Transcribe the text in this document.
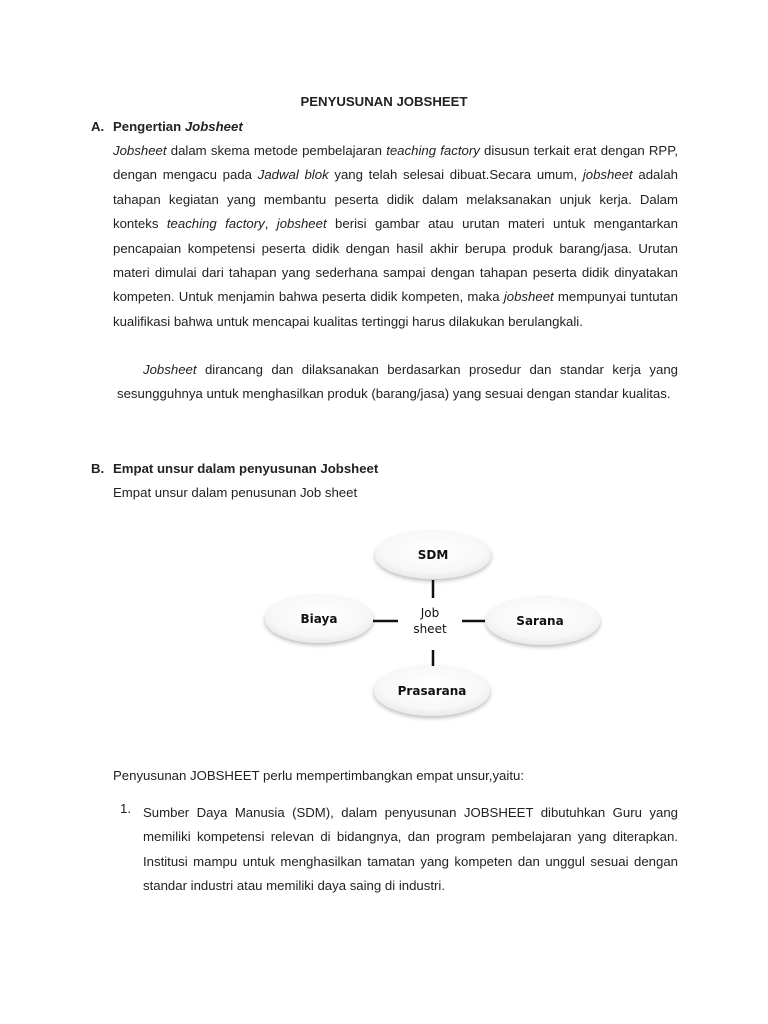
PENYUSUNAN JOBSHEET
A. Pengertian Jobsheet
Jobsheet dalam skema metode pembelajaran teaching factory disusun terkait erat dengan RPP, dengan mengacu pada Jadwal blok yang telah selesai dibuat.Secara umum, jobsheet adalah tahapan kegiatan yang membantu peserta didik dalam melaksanakan unjuk kerja. Dalam konteks teaching factory, jobsheet berisi gambar atau urutan materi untuk mengantarkan pencapaian kompetensi peserta didik dengan hasil akhir berupa produk barang/jasa. Urutan materi dimulai dari tahapan yang sederhana sampai dengan tahapan peserta didik dinyatakan kompeten. Untuk menjamin bahwa peserta didik kompeten, maka jobsheet mempunyai tuntutan kualifikasi bahwa untuk mencapai kualitas tertinggi harus dilakukan berulangkali.
Jobsheet dirancang dan dilaksanakan berdasarkan prosedur dan standar kerja yang sesungguhnya untuk menghasilkan produk (barang/jasa) yang sesuai dengan standar kualitas.
B. Empat unsur dalam penyusunan Jobsheet
Empat unsur dalam penusunan Job sheet
SDM
Biaya	Sarana
Prasarana
Job
sheet
Penyusunan JOBSHEET perlu mempertimbangkan empat unsur,yaitu:
1. Sumber Daya Manusia (SDM), dalam penyusunan JOBSHEET dibutuhkan Guru yang memiliki kompetensi relevan di bidangnya, dan program pembelajaran yang diterapkan. Institusi mampu untuk menghasilkan tamatan yang kompeten dan unggul sesuai dengan standar industri atau memiliki daya saing di industri.
